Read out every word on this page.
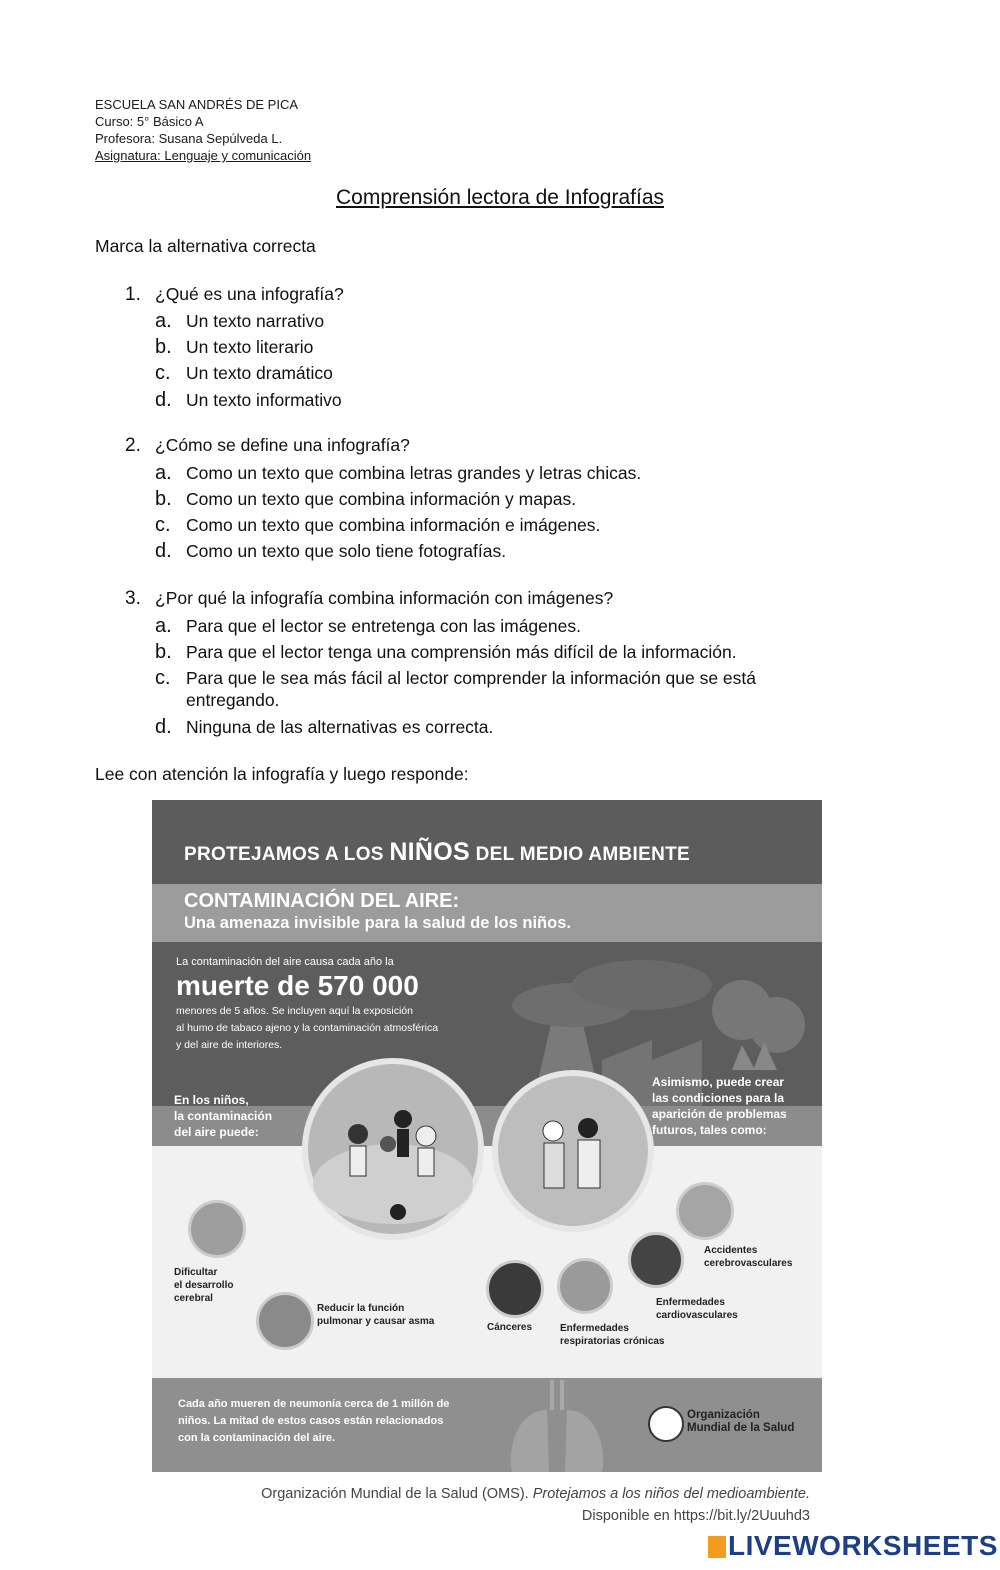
ESCUELA SAN ANDRÉS DE PICA
Curso: 5° Básico A
Profesora: Susana Sepúlveda L.
Asignatura: Lenguaje y comunicación
Comprensión lectora de Infografías
Marca la alternativa correcta
1. ¿Qué es una infografía?
a. Un texto narrativo
b. Un texto literario
c. Un texto dramático
d. Un texto informativo
2. ¿Cómo se define una infografía?
a. Como un texto que combina letras grandes y letras chicas.
b. Como un texto que combina información y mapas.
c. Como un texto que combina información e imágenes.
d. Como un texto que solo tiene fotografías.
3. ¿Por qué la infografía combina información con imágenes?
a. Para que el lector se entretenga con las imágenes.
b. Para que el lector tenga una comprensión más difícil de la información.
c. Para que le sea más fácil al lector comprender la información que se está
entregando.
d. Ninguna de las alternativas es correcta.
Lee con atención la infografía y luego responde:
PROTEJAMOS A LOS NIÑOS DEL MEDIO AMBIENTE
CONTAMINACIÓN DEL AIRE:
Una amenaza invisible para la salud de los niños.
La contaminación del aire causa cada año la
muerte de 570 000
menores de 5 años. Se incluyen aquí la exposición
al humo de tabaco ajeno y la contaminación atmosférica
y del aire de interiores.
En los niños,
la contaminación
del aire puede:
Asimismo, puede crear
las condiciones para la
aparición de problemas
futuros, tales como:
Dificultar
el desarrollo
cerebral
Reducir la función
pulmonar y causar asma
Cánceres	Enfermedades
respiratorias crónicas
Enfermedades
cardiovasculares
Accidentes
cerebrovasculares
Cada año mueren de neumonía cerca de 1 millón de
niños. La mitad de estos casos están relacionados
con la contaminación del aire.
Organización
Mundial de la Salud
Organización Mundial de la Salud (OMS). Protejamos a los niños del medioambiente.
Disponible en https://bit.ly/2Uuuhd3
LIVEWORKSHEETS
